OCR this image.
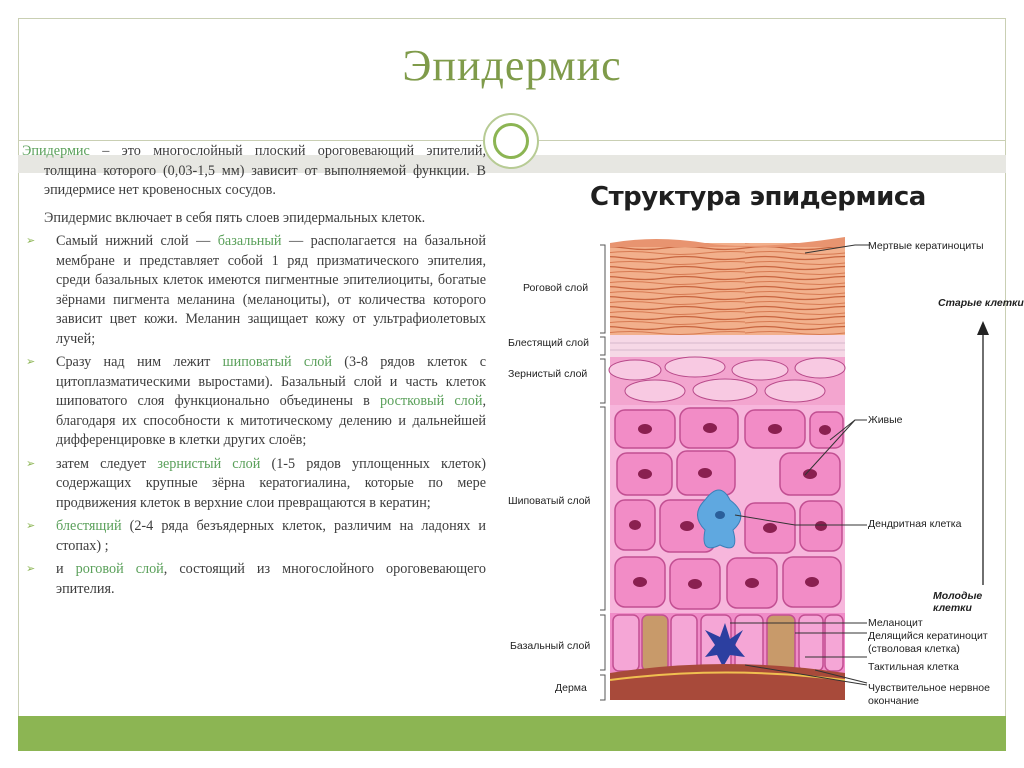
Эпидермис

Эпидермис – это многослойный плоский ороговевающий эпителий, толщина которого (0,03-1,5 мм) зависит от выполняемой функции. В эпидермисе нет кровеносных сосудов.

Эпидермис включает в себя пять слоев эпидермальных клеток.

➢ Самый нижний слой — базальный — располагается на базальной мембране и представляет собой 1 ряд призматического эпителия, среди базальных клеток имеются пигментные эпителиоциты, богатые зёрнами пигмента меланина (меланоциты), от количества которого зависит цвет кожи. Меланин защищает кожу от ультрафиолетовых лучей;

➢ Сразу над ним лежит шиповатый слой (3-8 рядов клеток с цитоплазматическими выростами). Базальный слой и часть клеток шиповатого слоя функционально объединены в ростковый слой, благодаря их способности к митотическому делению и дальнейшей дифференцировке в клетки других слоёв;

➢ затем следует зернистый слой (1-5 рядов уплощенных клеток) содержащих крупные зёрна кератогиалина, которые по мере продвижения клеток в верхние слои превращаются в кератин;

➢ блестящий (2-4 ряда безъядерных клеток, различим на ладонях и стопах) ;

➢ и роговой слой, состоящий из многослойного ороговевающего эпителия.

Структура эпидермиса
Роговой слой
Блестящий слой
Зернистый слой
Шиповатый слой
Базальный слой
Дерма
Мертвые кератиноциты
Старые клетки
Живые
Дендритная клетка
Молодые клетки
Меланоцит
Делящийся кератиноцит
(стволовая клетка)
Тактильная клетка
Чувствительное нервное
окончание
